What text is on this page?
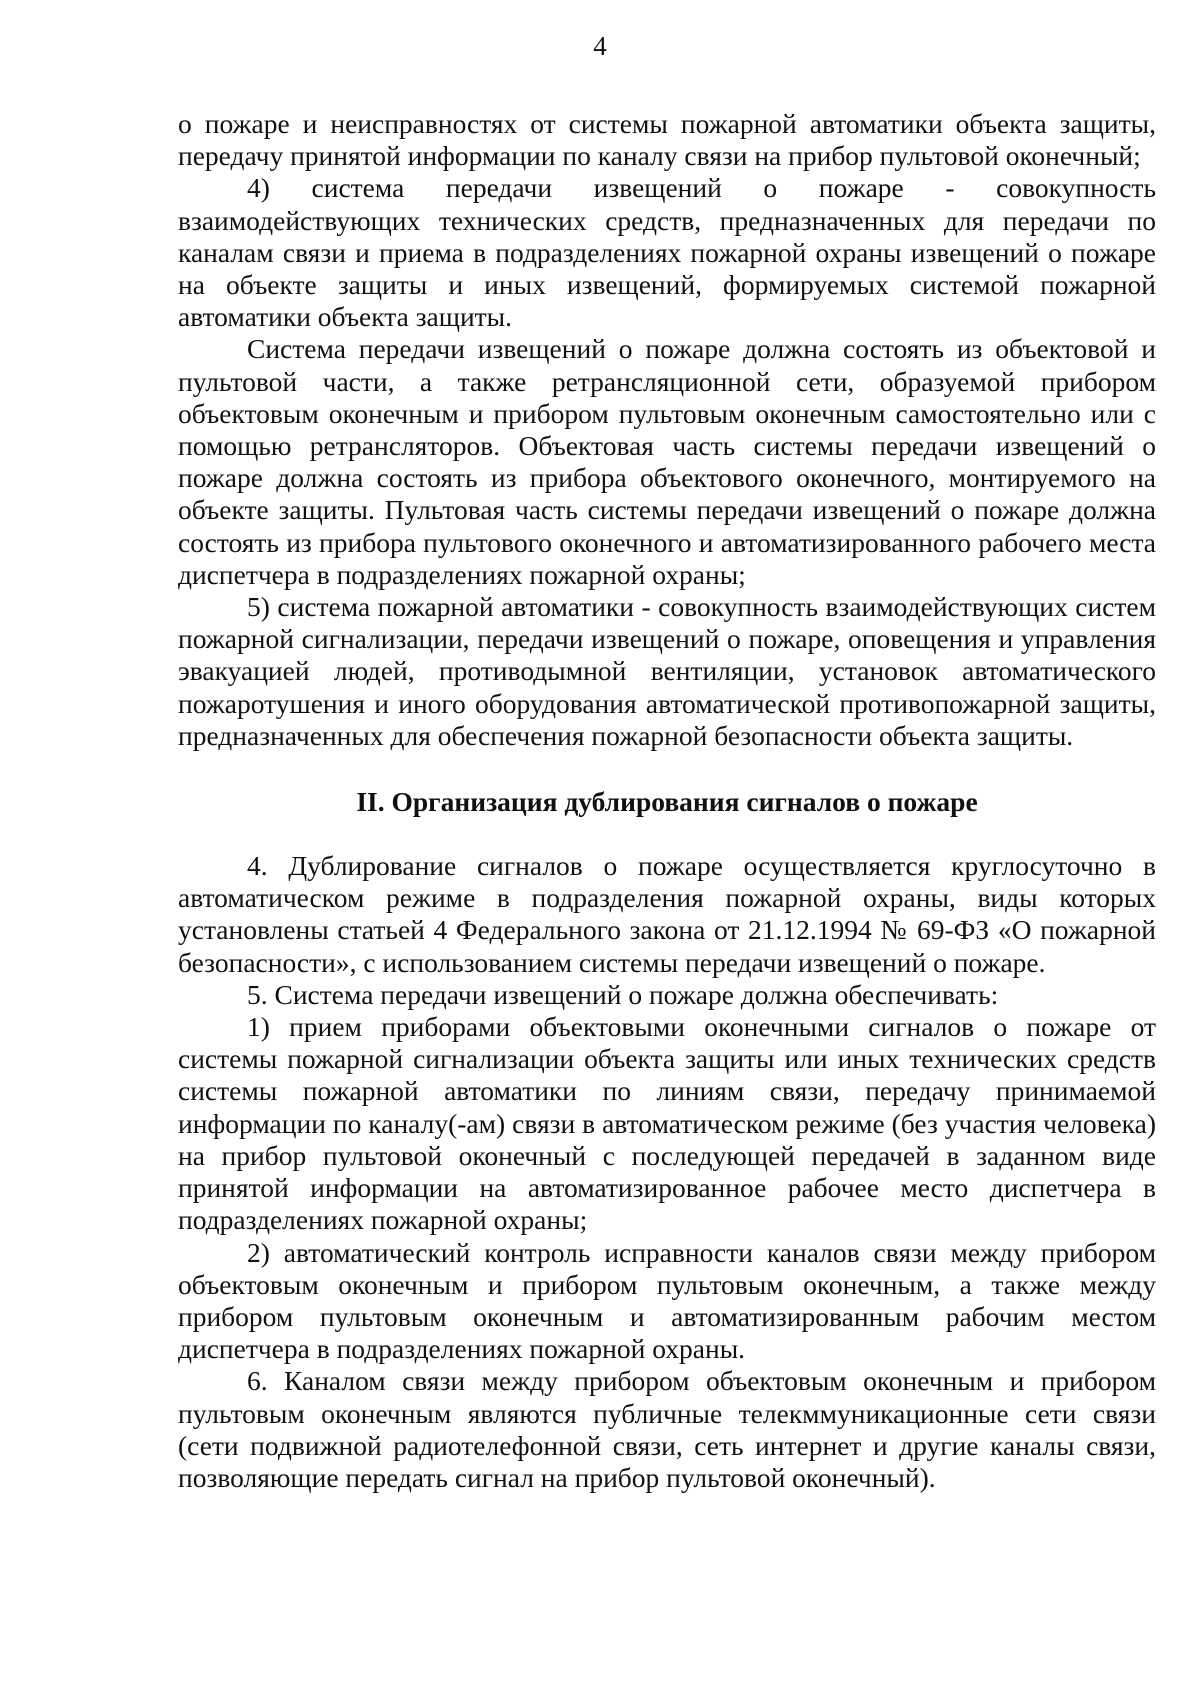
4

о пожаре и неисправностях от системы пожарной автоматики объекта защиты, передачу принятой информации по каналу связи на прибор пультовой оконечный;

4) система передачи извещений о пожаре - совокупность взаимодействующих технических средств, предназначенных для передачи по каналам связи и приема в подразделениях пожарной охраны извещений о пожаре на объекте защиты и иных извещений, формируемых системой пожарной автоматики объекта защиты.

Система передачи извещений о пожаре должна состоять из объектовой и пультовой части, а также ретрансляционной сети, образуемой прибором объектовым оконечным и прибором пультовым оконечным самостоятельно или с помощью ретрансляторов. Объектовая часть системы передачи извещений о пожаре должна состоять из прибора объектового оконечного, монтируемого на объекте защиты. Пультовая часть системы передачи извещений о пожаре должна состоять из прибора пультового оконечного и автоматизированного рабочего места диспетчера в подразделениях пожарной охраны;

5) система пожарной автоматики - совокупность взаимодействующих систем пожарной сигнализации, передачи извещений о пожаре, оповещения и управления эвакуацией людей, противодымной вентиляции, установок автоматического пожаротушения и иного оборудования автоматической противопожарной защиты, предназначенных для обеспечения пожарной безопасности объекта защиты.

II. Организация дублирования сигналов о пожаре

4. Дублирование сигналов о пожаре осуществляется круглосуточно в автоматическом режиме в подразделения пожарной охраны, виды которых установлены статьей 4 Федерального закона от 21.12.1994 № 69-ФЗ «О пожарной безопасности», с использованием системы передачи извещений о пожаре.

5. Система передачи извещений о пожаре должна обеспечивать:

1) прием приборами объектовыми оконечными сигналов о пожаре от системы пожарной сигнализации объекта защиты или иных технических средств системы пожарной автоматики по линиям связи, передачу принимаемой информации по каналу(-ам) связи в автоматическом режиме (без участия человека) на прибор пультовой оконечный с последующей передачей в заданном виде принятой информации на автоматизированное рабочее место диспетчера в подразделениях пожарной охраны;

2) автоматический контроль исправности каналов связи между прибором объектовым оконечным и прибором пультовым оконечным, а также между прибором пультовым оконечным и автоматизированным рабочим местом диспетчера в подразделениях пожарной охраны.

6. Каналом связи между прибором объектовым оконечным и прибором пультовым оконечным являются публичные телекммуникационные сети связи (сети подвижной радиотелефонной связи, сеть интернет и другие каналы связи, позволяющие передать сигнал на прибор пультовой оконечный).
